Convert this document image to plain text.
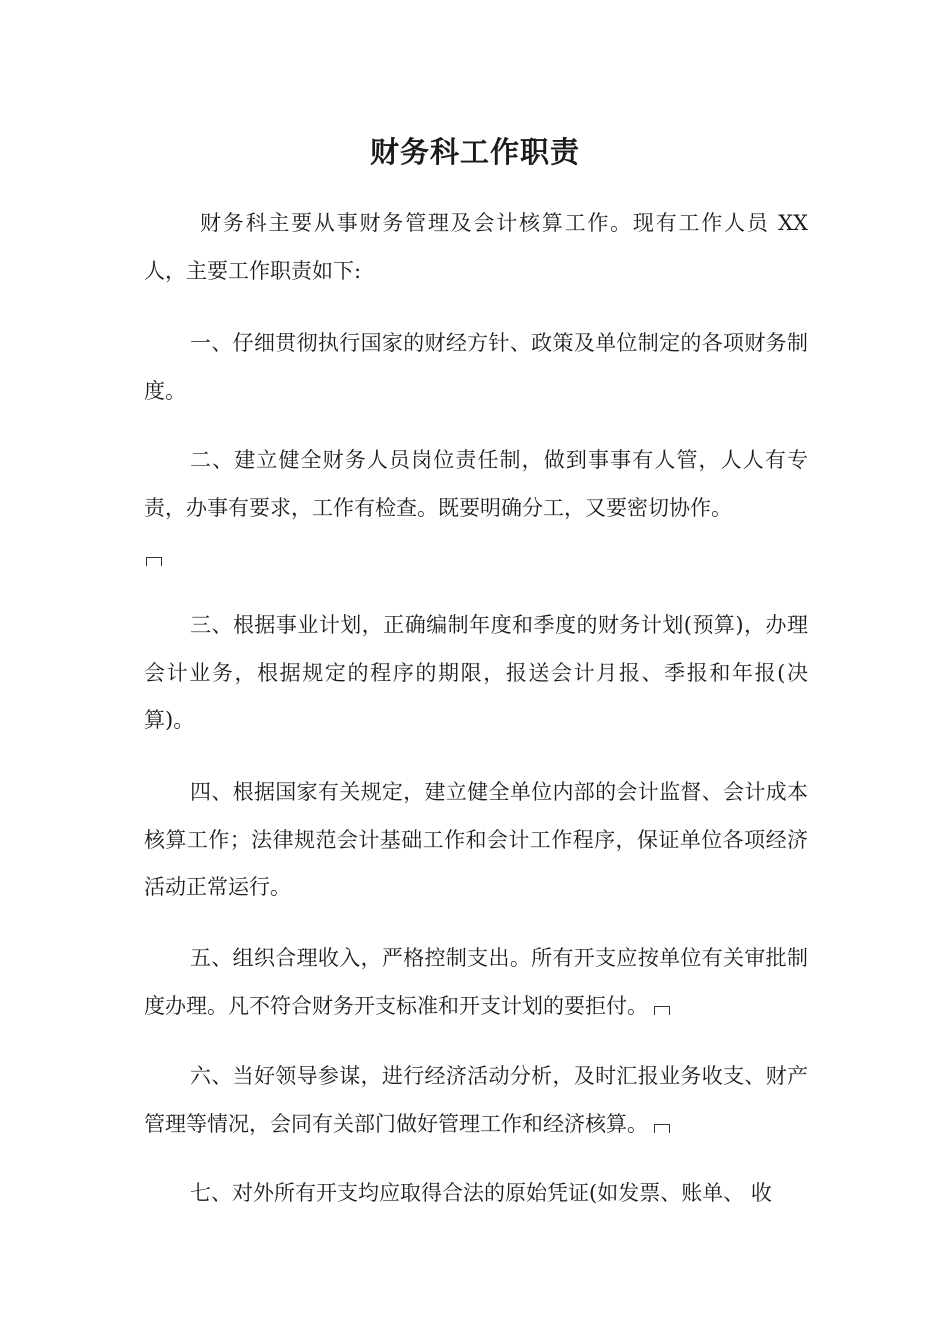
财务科工作职责

财务科主要从事财务管理及会计核算工作。现有工作人员 XX 人，主要工作职责如下:

一、仔细贯彻执行国家的财经方针、政策及单位制定的各项财务制度。

二、建立健全财务人员岗位责任制，做到事事有人管，人人有专责，办事有要求，工作有检查。既要明确分工，又要密切协作。

三、根据事业计划，正确编制年度和季度的财务计划(预算)，办理会计业务，根据规定的程序的期限，报送会计月报、季报和年报(决算)。

四、根据国家有关规定，建立健全单位内部的会计监督、会计成本核算工作；法律规范会计基础工作和会计工作程序，保证单位各项经济活动正常运行。

五、组织合理收入，严格控制支出。所有开支应按单位有关审批制度办理。凡不符合财务开支标准和开支计划的要拒付。

六、当好领导参谋，进行经济活动分析，及时汇报业务收支、财产管理等情况，会同有关部门做好管理工作和经济核算。

七、对外所有开支均应取得合法的原始凭证(如发票、账单、 收
